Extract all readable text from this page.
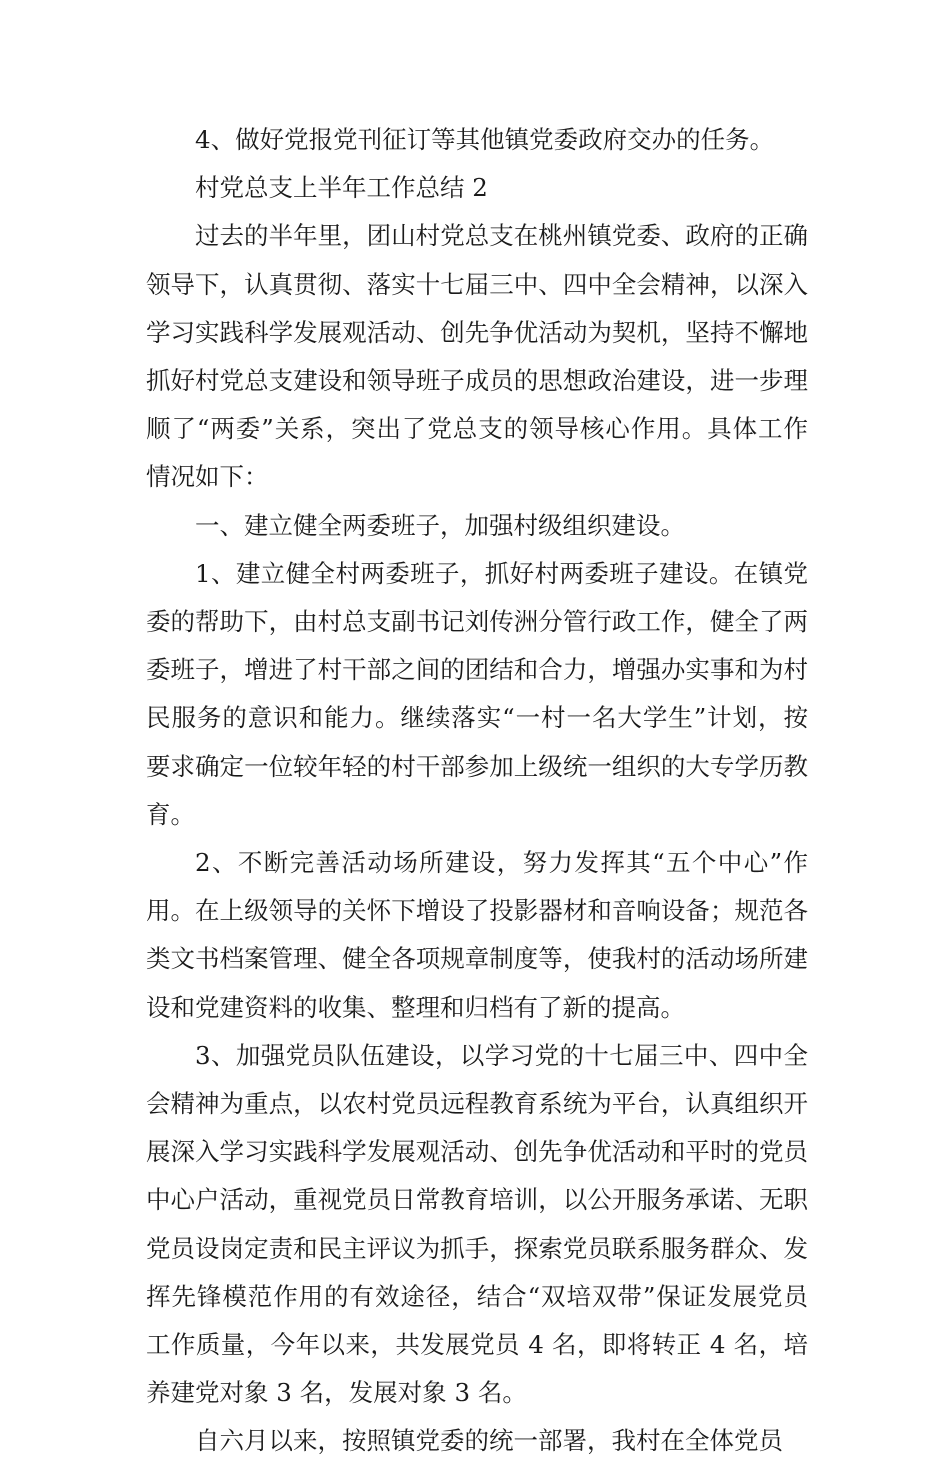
4、做好党报党刊征订等其他镇党委政府交办的任务。

村党总支上半年工作总结 2

过去的半年里，团山村党总支在桃州镇党委、政府的正确领导下，认真贯彻、落实十七届三中、四中全会精神，以深入学习实践科学发展观活动、创先争优活动为契机，坚持不懈地抓好村党总支建设和领导班子成员的思想政治建设，进一步理顺了“两委”关系，突出了党总支的领导核心作用。具体工作情况如下：

一、建立健全两委班子，加强村级组织建设。

1、建立健全村两委班子，抓好村两委班子建设。在镇党委的帮助下，由村总支副书记刘传洲分管行政工作，健全了两委班子，增进了村干部之间的团结和合力，增强办实事和为村民服务的意识和能力。继续落实“一村一名大学生”计划，按要求确定一位较年轻的村干部参加上级统一组织的大专学历教育。

2、不断完善活动场所建设，努力发挥其“五个中心”作用。在上级领导的关怀下增设了投影器材和音响设备；规范各类文书档案管理、健全各项规章制度等，使我村的活动场所建设和党建资料的收集、整理和归档有了新的提高。

3、加强党员队伍建设，以学习党的十七届三中、四中全会精神为重点，以农村党员远程教育系统为平台，认真组织开展深入学习实践科学发展观活动、创先争优活动和平时的党员中心户活动，重视党员日常教育培训，以公开服务承诺、无职党员设岗定责和民主评议为抓手，探索党员联系服务群众、发挥先锋模范作用的有效途径，结合“双培双带”保证发展党员工作质量，今年以来，共发展党员 4 名，即将转正 4 名，培养建党对象 3 名，发展对象 3 名。

自六月以来，按照镇党委的统一部署，我村在全体党员
